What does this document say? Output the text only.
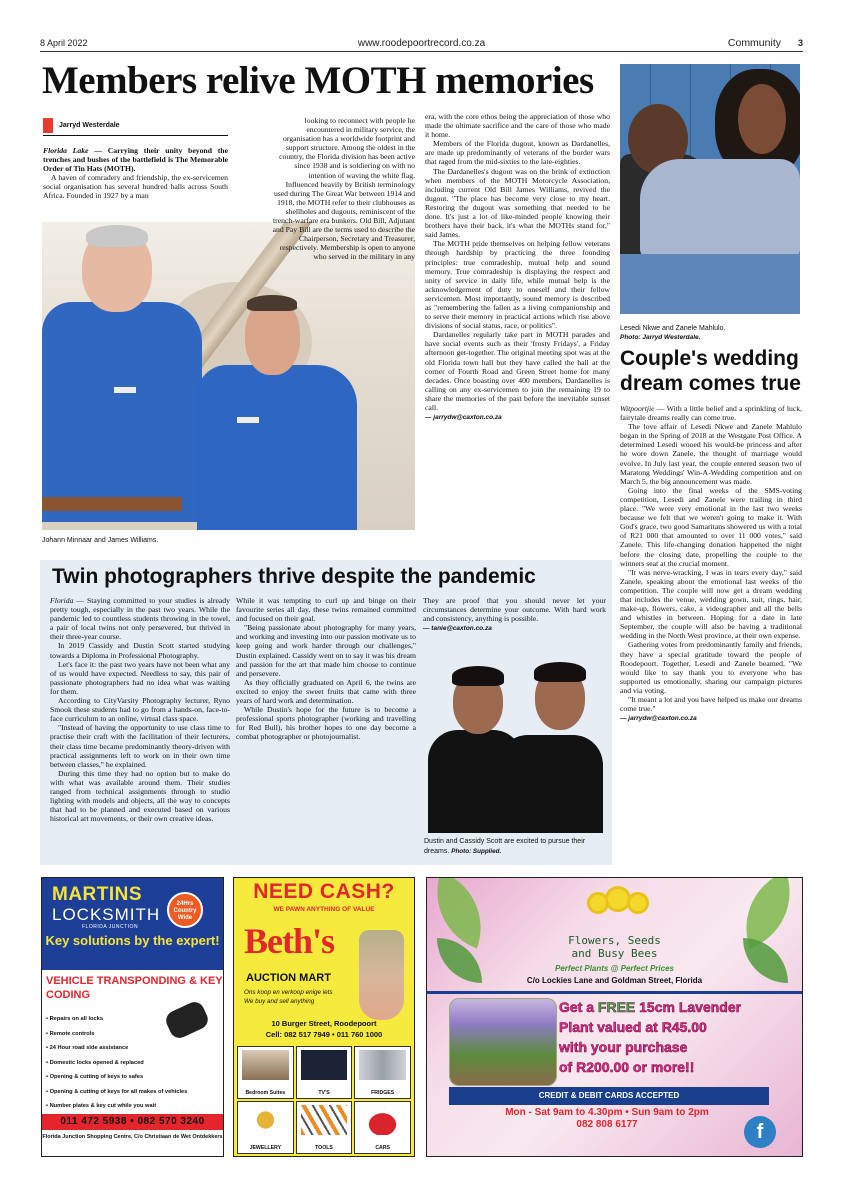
8 April 2022	www.roodepoortrecord.co.za	Community 3
Members relive MOTH memories
Jarryd Westerdale

Florida Lake — Carrying their unity beyond the trenches and bushes of the battlefield is The Memorable Order of Tin Hats (MOTH).

A haven of comradery and friendship, the ex-servicemen social organisation has several hundred halls across South Africa. Founded in 1927 by a man

looking to reconnect with people he encountered in military service, the organisation has a worldwide footprint and support structure. Among the oldest in the country, the Florida division has been active since 1938 and is soldiering on with no intention of waving the white flag.

Influenced heavily by British terminology used during The Great War between 1914 and 1918, the MOTH refer to their clubhouses as shellholes and dugouts, reminiscent of the trench-warfare era bunkers. Old Bill, Adjutant and Pay Bill are the terms used to describe the Chairperson, Secretary and Treasurer, respectively. Membership is open to anyone who served in the military in any

era, with the core ethos being the appreciation of those who made the ultimate sacrifice and the care of those who made it home.

Members of the Florida dugout, known as Dardanelles, are made up predominantly of veterans of the border wars that raged from the mid-sixties to the late-eighties.

The Dardanelles's dugout was on the brink of extinction when members of the MOTH Motorcycle Association, including current Old Bill James Williams, revived the dugout. "The place has become very close to my heart. Restoring the dugout was something that needed to be done. It's just a lot of like-minded people knowing their brothers have their back, it's what the MOTHs stand for," said James.

The MOTH pride themselves on helping fellow veterans through hardship by practicing the three founding principles: true comradeship, mutual help and sound memory. True comradeship is displaying the respect and unity of service in daily life, while mutual help is the acknowledgement of duty to oneself and their fellow servicemen. Most importantly, sound memory is described as "remembering the fallen as a living companionship and to serve their memory in practical actions which rise above divisions of social status, race, or politics".

Dardanelles regularly take part in MOTH parades and have social events such as their 'frosty Fridays', a Friday afternoon get-together. The original meeting spot was at the old Florida town hall but they have called the hall at the corner of Fourth Road and Green Street home for many decades. Once boasting over 400 members, Dardanelles is calling on any ex-servicemen to join the remaining 19 to share the memories of the past before the inevitable sunset call.

— jarrydw@caxton.co.za

Johann Minnaar and James Williams.
Lesedi Nkwe and Zanele Mahlulo.
Photo: Jarryd Westerdale.
Couple's wedding dream comes true

Witpoortjie — With a little belief and a sprinkling of luck, fairytale dreams really can come true.

The love affair of Lesedi Nkwe and Zanele Mahlulo began in the Spring of 2018 at the Westgate Post Office. A determined Lesedi wooed his would-be princess and after he wore down Zanele, the thought of marriage would evolve. In July last year, the couple entered season two of Maratong Weddings' Win-A-Wedding competition and on March 5, the big announcement was made.

Going into the final weeks of the SMS-voting competition, Lesedi and Zanele were trailing in third place. "We were very emotional in the last two weeks because we felt that we weren't going to make it. With God's grace, two good Samaritans showered us with a total of R21 000 that amounted to over 11 000 votes," said Zanele. This life-changing donation happened the night before the closing date, propelling the couple to the winners seat at the crucial moment.

"It was nerve-wracking, I was in tears every day," said Zanele, speaking about the emotional last weeks of the competition. The couple will now get a dream wedding that includes the venue, wedding gown, suit, rings, hair, make-up, flowers, cake, a videographer and all the bells and whistles in between. Hoping for a date in late September, the couple will also be having a traditional wedding in the North West province, at their own expense.

Gathering votes from predominantly family and friends, they have a special gratitude toward the people of Roodepoort. Together, Lesedi and Zanele beamed, "We would like to say thank you to everyone who has supported us emotionally, sharing our campaign pictures and via voting.

"It meant a lot and you have helped us make our dreams come true."

— jarrydw@caxton.co.za

Twin photographers thrive despite the pandemic

Florida — Staying committed to your studies is already pretty tough, especially in the past two years. While the pandemic led to countless students throwing in the towel, a pair of local twins not only persevered, but thrived in their three-year course.

In 2019 Cassidy and Dustin Scott started studying towards a Diploma in Professional Photography.

Let's face it: the past two years have not been what any of us would have expected. Needless to say, this pair of passionate photographers had no idea what was waiting for them.

According to CityVarsity Photography lecturer, Ryno Smook these students had to go from a hands-on, face-to-face curriculum to an online, virtual class space.

"Instead of having the opportunity to use class time to practise their craft with the facilitation of their lecturers, their class time became predominantly theory-driven with practical assignments left to work on in their own time between classes," he explained.

During this time they had no option but to make do with what was available around them. Their studies ranged from technical assignments through to studio lighting with models and objects, all the way to concepts that had to be planned and executed based on various historical art movements, or their own creative ideas.

While it was tempting to curl up and binge on their favourite series all day, these twins remained committed and focused on their goal.

"Being passionate about photography for many years, and working and investing into our passion motivate us to keep going and work harder through our challenges," Dustin explained. Cassidy went on to say it was his dream and passion for the art that made him choose to continue and persevere.

As they officially graduated on April 6, the twins are excited to enjoy the sweet fruits that came with three years of hard work and determination.

While Dustin's hope for the future is to become a professional sports photographer (working and travelling for Red Bull), his brother hopes to one day become a combat photographer or photojournalist.

They are proof that you should never let your circumstances determine your outcome. With hard work and consistency, anything is possible.

— tanie@caxton.co.za

Dustin and Cassidy Scott are excited to pursue their dreams. Photo: Supplied.
MARTINS
LOCKSMITH
FLORIDA JUNCTION
24Hrs Country Wide
Key solutions by the expert!
VEHICLE TRANSPONDING & KEY CODING
• Repairs on all locks
• Remote controls
• 24 Hour road side assistance
• Domestic locks opened & replaced
• Opening & cutting of keys to safes
• Opening & cutting of keys for all makes of vehicles
• Number plates & key cut while you wait
011 472 5938 • 082 570 3240
Florida Junction Shopping Centre, C/o Christiaan de Wet Ontdekkers
NEED CASH?
WE PAWN ANYTHING OF VALUE
Beth's
AUCTION MART
Ons koop en verkoop enige iets
We buy and sell anything
10 Burger Street, Roodepoort
Cell: 082 517 7949 • 011 760 1000
Bedroom Suites	TV'S	FRIDGES
JEWELLERY	TOOLS	CARS
Flowers, Seeds
and Busy Bees
Perfect Plants @ Perfect Prices
C/o Lockies Lane and Goldman Street, Florida
Get a FREE 15cm Lavender
Plant valued at R45.00
with your purchase
of R200.00 or more!!
CREDIT & DEBIT CARDS ACCEPTED
Mon - Sat 9am to 4.30pm • Sun 9am to 2pm
082 808 6177	f
